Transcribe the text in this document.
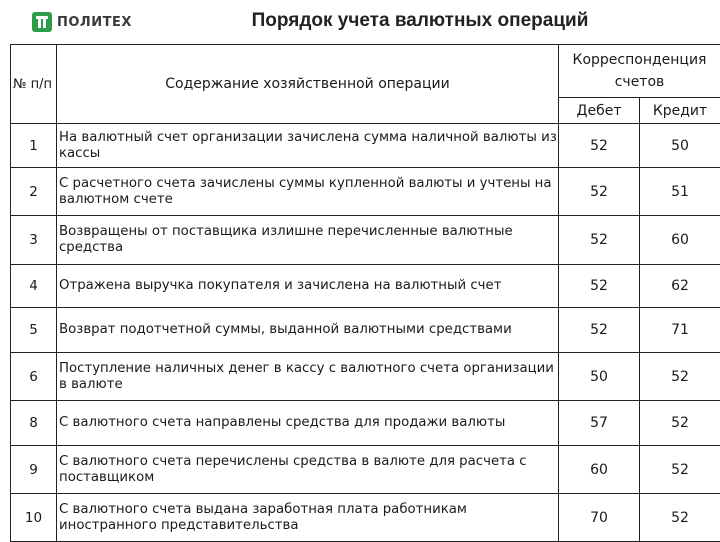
ПОЛИТЕХ	Порядок учета валютных операций
№ п/п	Содержание хозяйственной операции	Корреспонденция счетов	
		Дебет	Кредит
1	На валютный счет организации зачислена сумма наличной валюты из кассы	52	50
2	С расчетного счета зачислены суммы купленной валюты и учтены на валютном счете	52	51
3	Возвращены от поставщика излишне перечисленные валютные средства	52	60
4	Отражена выручка покупателя и зачислена на валютный счет	52	62
5	Возврат подотчетной суммы, выданной валютными средствами	52	71
6	Поступление наличных денег в кассу с валютного счета организации в валюте	50	52
8	С валютного счета направлены средства для продажи валюты	57	52
9	С валютного счета перечислены средства в валюте для расчета с поставщиком	60	52
10	С валютного счета выдана заработная плата работникам иностранного представительства	70	52
